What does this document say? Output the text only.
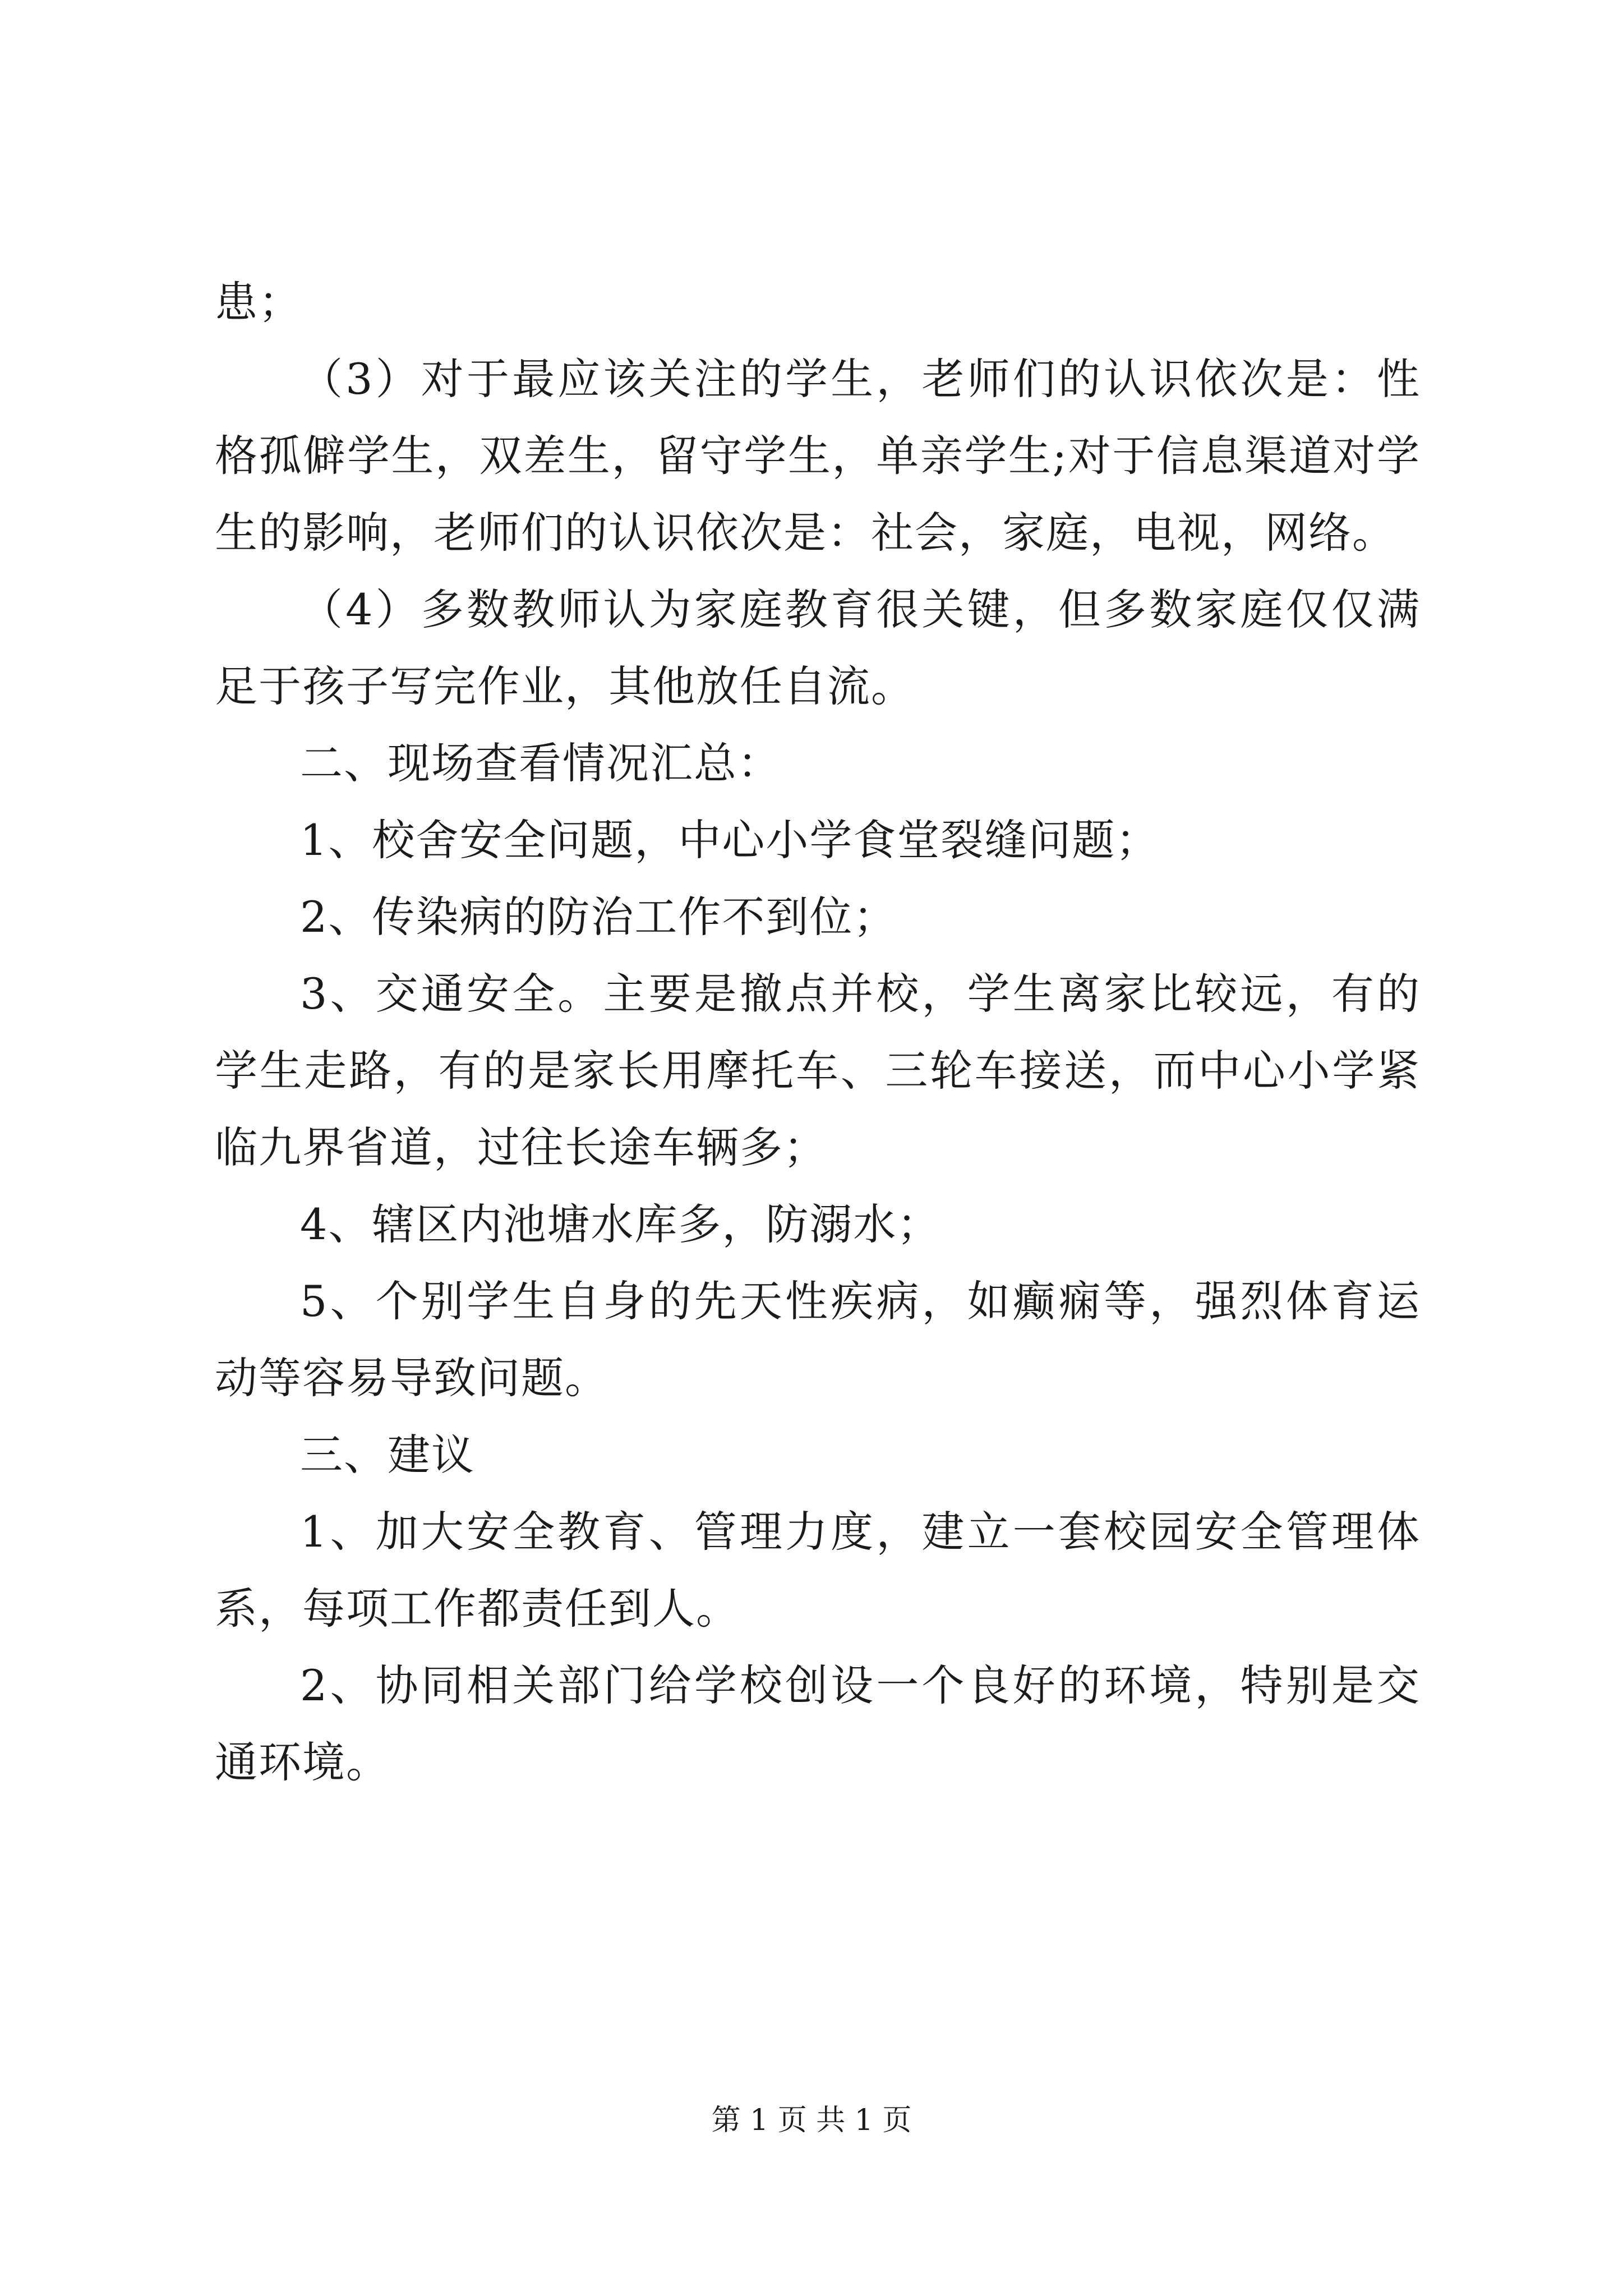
患；

（3）对于最应该关注的学生，老师们的认识依次是：性格孤僻学生，双差生，留守学生，单亲学生;对于信息渠道对学生的影响，老师们的认识依次是：社会，家庭，电视，网络。

（4）多数教师认为家庭教育很关键，但多数家庭仅仅满足于孩子写完作业，其他放任自流。

二、现场查看情况汇总：

1、校舍安全问题，中心小学食堂裂缝问题；

2、传染病的防治工作不到位；

3、交通安全。主要是撤点并校，学生离家比较远，有的学生走路，有的是家长用摩托车、三轮车接送，而中心小学紧临九界省道，过往长途车辆多；

4、辖区内池塘水库多，防溺水；

5、个别学生自身的先天性疾病，如癫痫等，强烈体育运动等容易导致问题。

三、建议

1、加大安全教育、管理力度，建立一套校园安全管理体系，每项工作都责任到人。

2、协同相关部门给学校创设一个良好的环境，特别是交通环境。

第 1 页 共 1 页
